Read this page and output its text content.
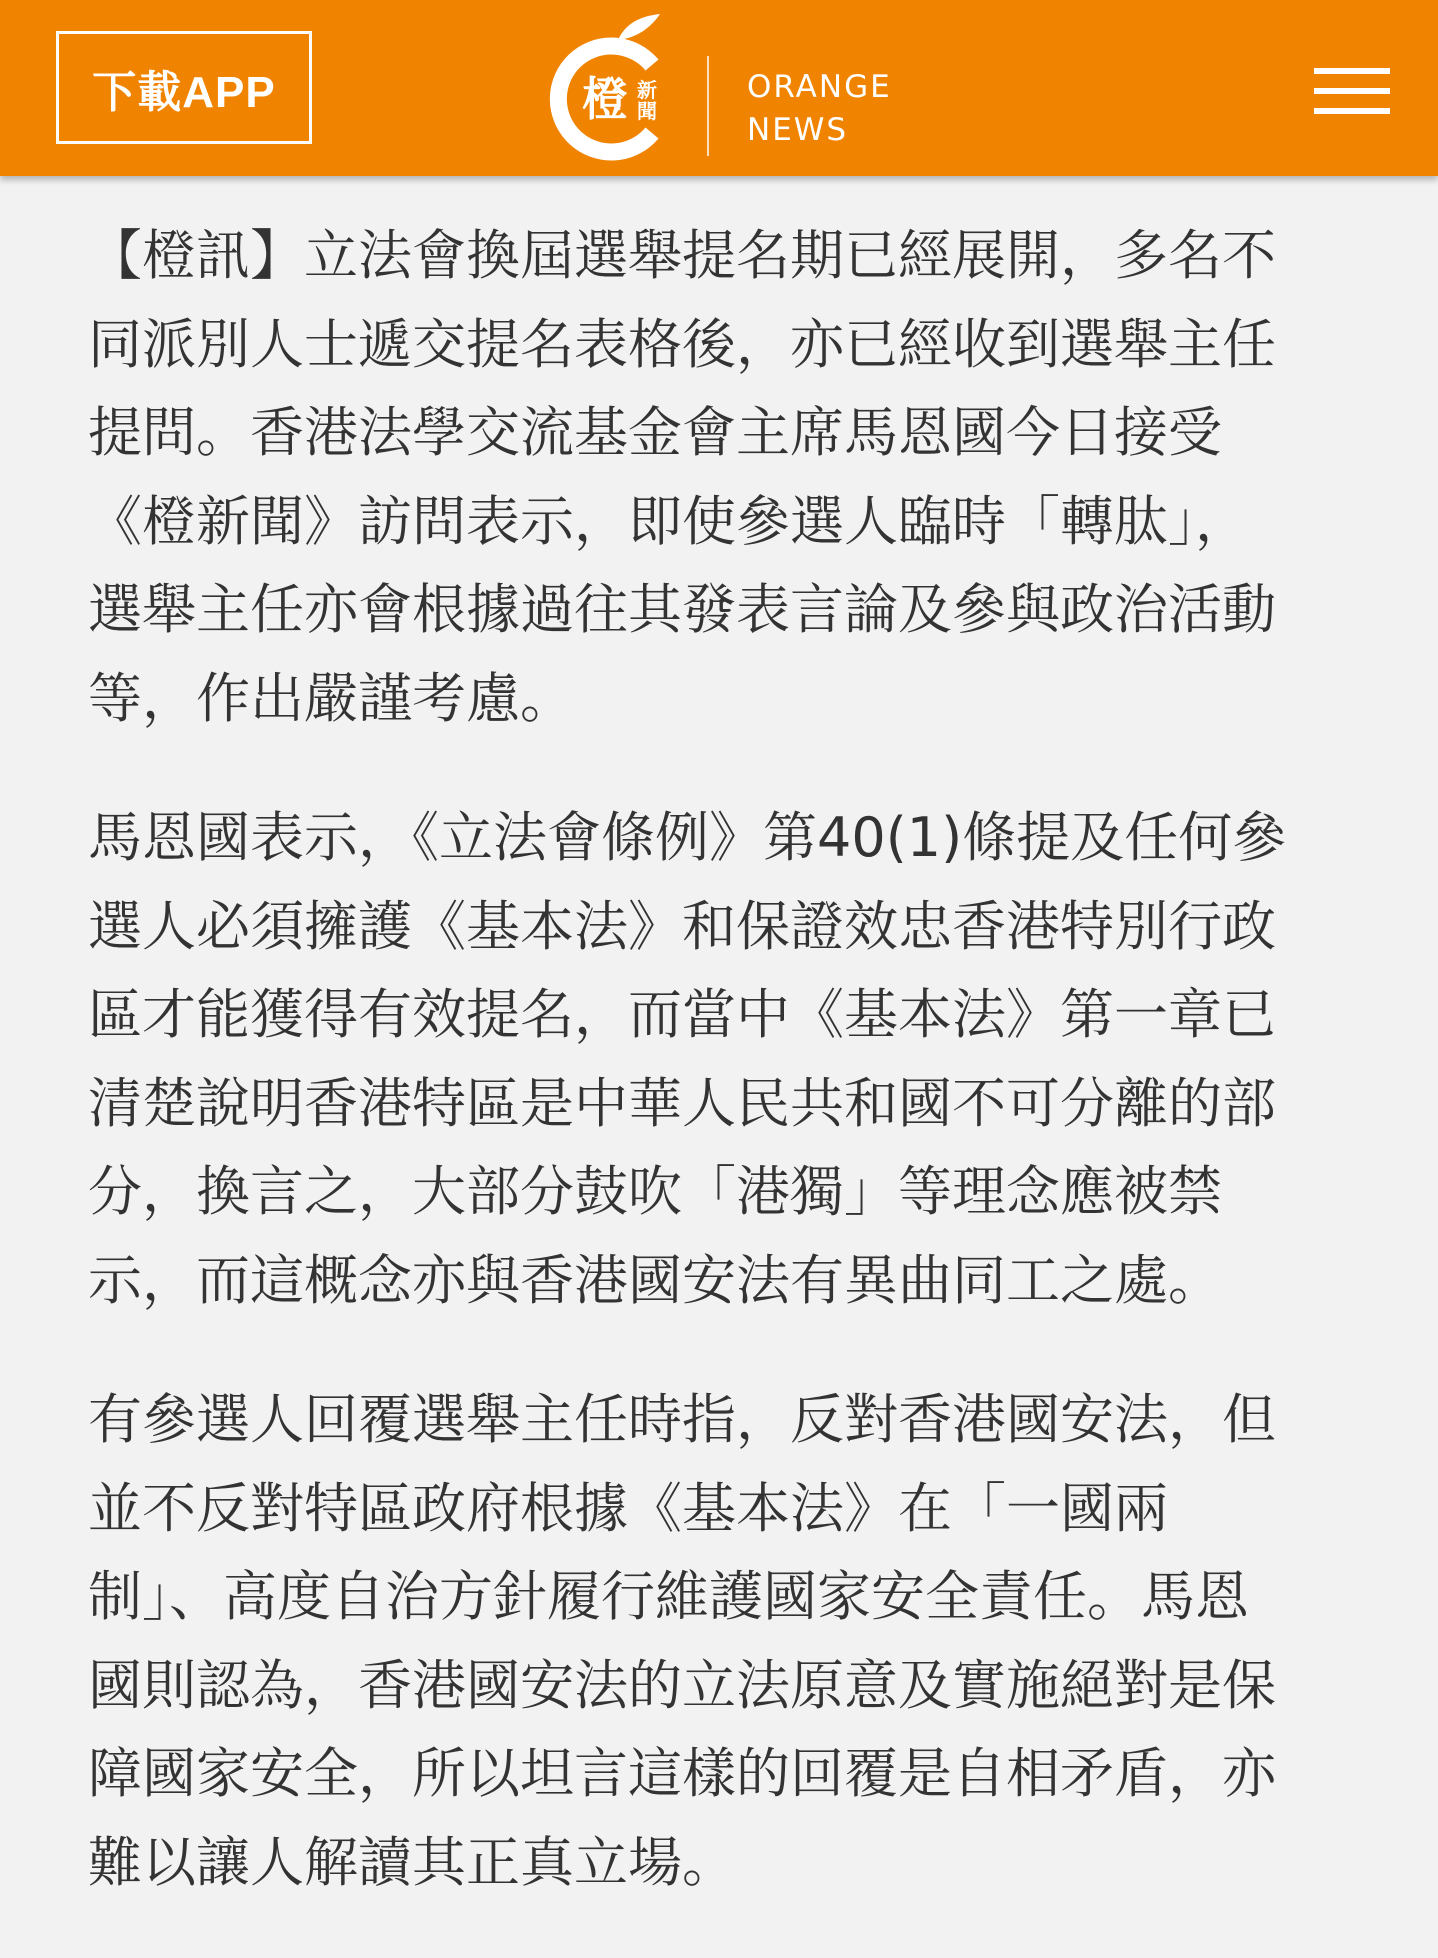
下載APP	橙 新
聞
ORANGE
NEWS

【橙訊】立法會換屆選舉提名期已經展開，多名不
同派別人士遞交提名表格後，亦已經收到選舉主任
提問。香港法學交流基金會主席馬恩國今日接受
《橙新聞》訪問表示，即使參選人臨時「轉肽」，
選舉主任亦會根據過往其發表言論及參與政治活動
等，作出嚴謹考慮。

馬恩國表示，《立法會條例》第40(1)條提及任何參
選人必須擁護《基本法》和保證效忠香港特別行政
區才能獲得有效提名，而當中《基本法》第一章已
清楚說明香港特區是中華人民共和國不可分離的部
分，換言之，大部分鼓吹「港獨」等理念應被禁
示，而這概念亦與香港國安法有異曲同工之處。

有參選人回覆選舉主任時指，反對香港國安法，但
並不反對特區政府根據《基本法》在「一國兩
制」、高度自治方針履行維護國家安全責任。馬恩
國則認為，香港國安法的立法原意及實施絕對是保
障國家安全，所以坦言這樣的回覆是自相矛盾，亦
難以讓人解讀其正真立場。
